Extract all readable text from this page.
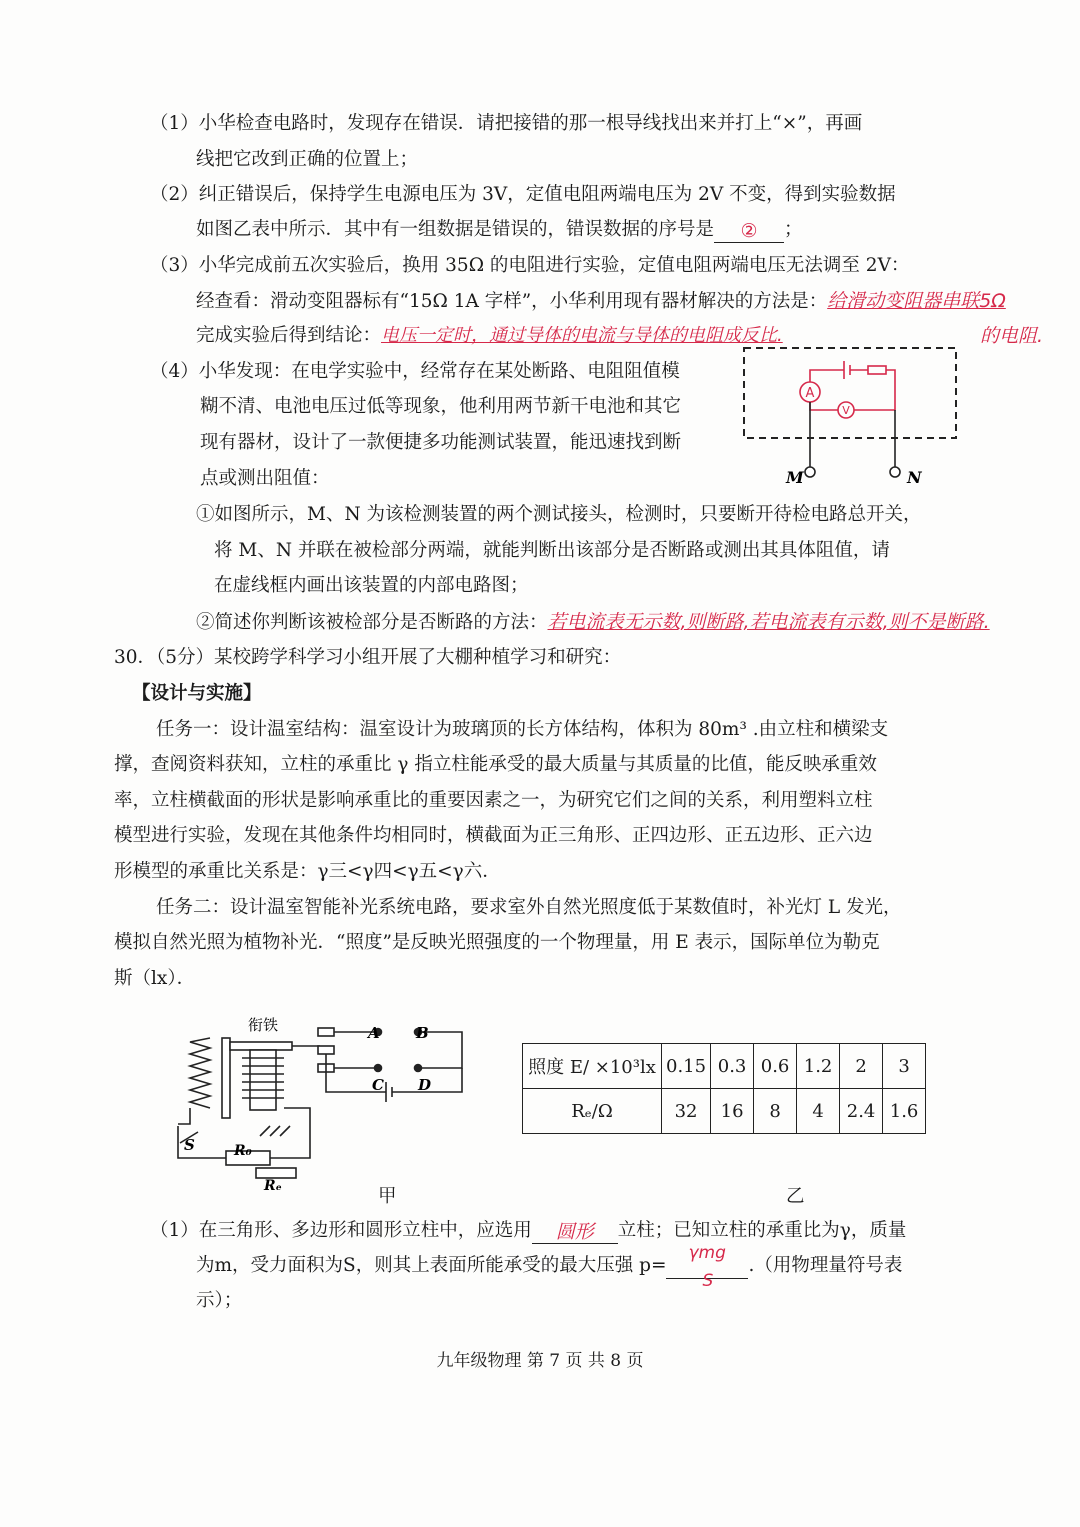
（1）小华检查电路时，发现存在错误．请把接错的那一根导线找出来并打上“×”，再画
线把它改到正确的位置上；
（2）纠正错误后，保持学生电源电压为 3V，定值电阻两端电压为 2V 不变，得到实验数据
如图乙表中所示．其中有一组数据是错误的，错误数据的序号是 ② ；
（3）小华完成前五次实验后，换用 35Ω 的电阻进行实验，定值电阻两端电压无法调至 2V：
经查看：滑动变阻器标有“15Ω 1A 字样”，小华利用现有器材解决的方法是：给滑动变阻器串联5Ω
的电阻.
完成实验后得到结论：电压一定时，通过导体的电流与导体的电阻成反比.
（4）小华发现：在电学实验中，经常存在某处断路、电阻阻值模
糊不清、电池电压过低等现象，他利用两节新干电池和其它
现有器材，设计了一款便捷多功能测试装置，能迅速找到断
点或测出阻值：
A
V
M	N
①如图所示，M、N 为该检测装置的两个测试接头，检测时，只要断开待检电路总开关，
将 M、N 并联在被检部分两端，就能判断出该部分是否断路或测出其具体阻值，请
在虚线框内画出该装置的内部电路图；
②简述你判断该被检部分是否断路的方法：若电流表无示数,则断路,若电流表有示数,则不是断路.
30．（5分）某校跨学科学习小组开展了大棚种植学习和研究：
【设计与实施】
任务一：设计温室结构：温室设计为玻璃顶的长方体结构，体积为 80m³ .由立柱和横梁支
撑，查阅资料获知，立柱的承重比 γ 指立柱能承受的最大质量与其质量的比值，能反映承重效
率，立柱横截面的形状是影响承重比的重要因素之一，为研究它们之间的关系，利用塑料立柱
模型进行实验，发现在其他条件均相同时，横截面为正三角形、正四边形、正五边形、正六边
形模型的承重比关系是：γ三<γ四<γ五<γ六．
任务二：设计温室智能补光系统电路，要求室外自然光照度低于某数值时，补光灯 L 发光，
模拟自然光照为植物补光．“照度”是反映光照强度的一个物理量，用 E 表示，国际单位为勒克
斯（lx）．
衔铁	A B
C D
S	R₀
Rₑ	甲
照度 E/ ×10³lx	0.15	0.3	0.6	1.2	2	3
Rₑ/Ω	32	16	8	4	2.4	1.6
乙
（1）在三角形、多边形和圆形立柱中，应选用 圆形 立柱；已知立柱的承重比为γ，质量
为m，受力面积为S，则其上表面所能承受的最大压强 p=
γmg
S
.（用物理量符号表
示）；
九年级物理 第 7 页 共 8 页
